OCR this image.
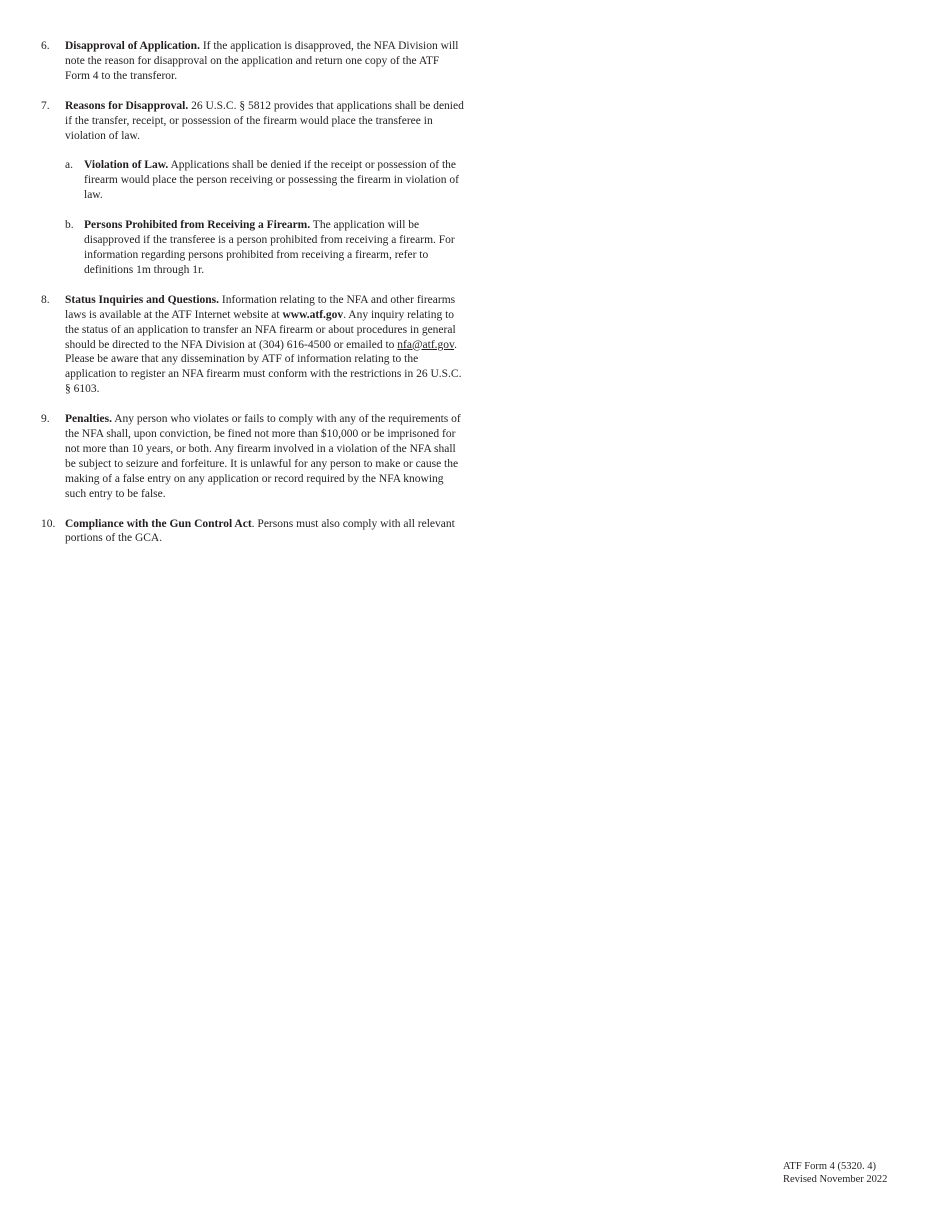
6. Disapproval of Application. If the application is disapproved, the NFA Division will note the reason for disapproval on the application and return one copy of the ATF Form 4 to the transferor.
7. Reasons for Disapproval. 26 U.S.C. § 5812 provides that applications shall be denied if the transfer, receipt, or possession of the firearm would place the transferee in violation of law.
a. Violation of Law. Applications shall be denied if the receipt or possession of the firearm would place the person receiving or possessing the firearm in violation of law.
b. Persons Prohibited from Receiving a Firearm. The application will be disapproved if the transferee is a person prohibited from receiving a firearm. For information regarding persons prohibited from receiving a firearm, refer to definitions 1m through 1r.
8. Status Inquiries and Questions. Information relating to the NFA and other firearms laws is available at the ATF Internet website at www.atf.gov. Any inquiry relating to the status of an application to transfer an NFA firearm or about procedures in general should be directed to the NFA Division at (304) 616-4500 or emailed to nfa@atf.gov. Please be aware that any dissemination by ATF of information relating to the application to register an NFA firearm must conform with the restrictions in 26 U.S.C. § 6103.
9. Penalties. Any person who violates or fails to comply with any of the requirements of the NFA shall, upon conviction, be fined not more than $10,000 or be imprisoned for not more than 10 years, or both. Any firearm involved in a violation of the NFA shall be subject to seizure and forfeiture. It is unlawful for any person to make or cause the making of a false entry on any application or record required by the NFA knowing such entry to be false.
10. Compliance with the Gun Control Act. Persons must also comply with all relevant portions of the GCA.
ATF Form 4 (5320. 4)
Revised November 2022
